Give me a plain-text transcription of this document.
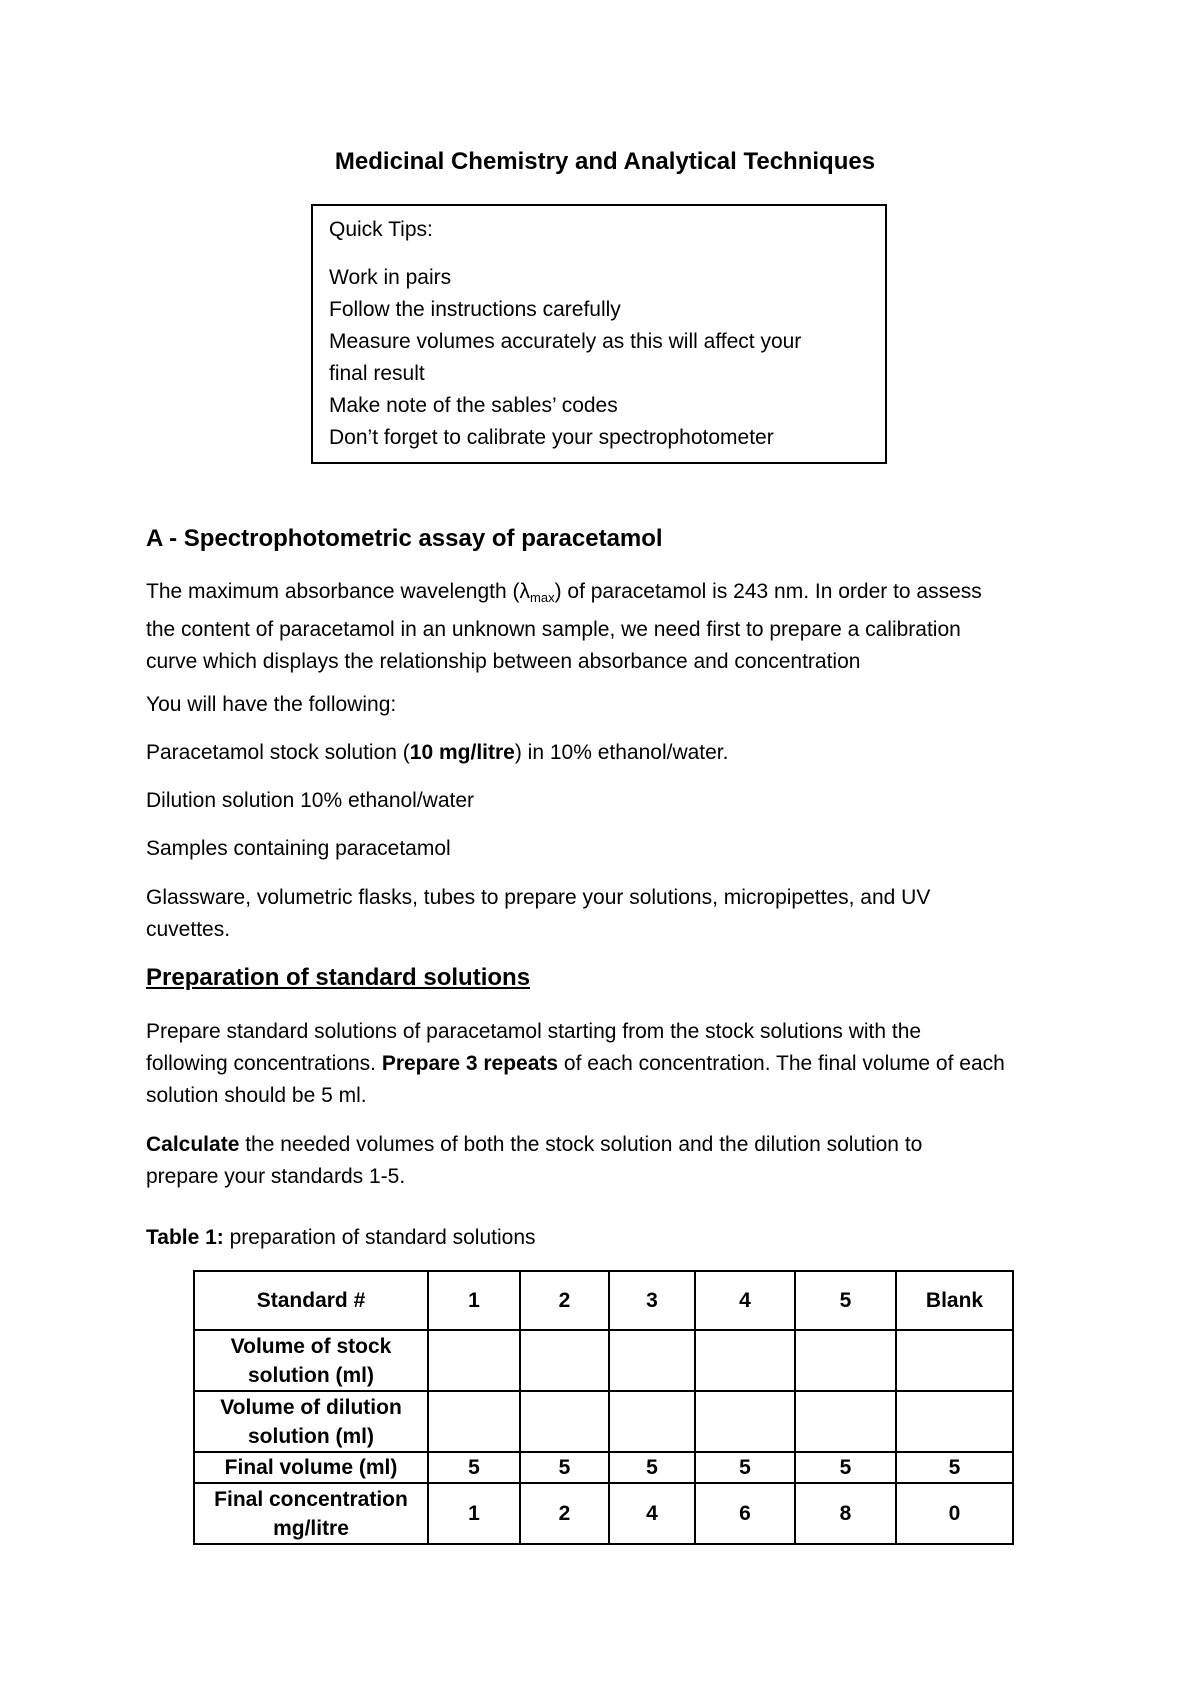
Medicinal Chemistry and Analytical Techniques
Quick Tips:
Work in pairs
Follow the instructions carefully
Measure volumes accurately as this will affect your
final result
Make note of the sables’ codes
Don’t forget to calibrate your spectrophotometer
A - Spectrophotometric assay of paracetamol
The maximum absorbance wavelength $(\lambda_{max})$ of paracetamol is 243 nm. In order to assess
the content of paracetamol in an unknown sample, we need first to prepare a calibration
curve which displays the relationship between absorbance and concentration
You will have the following:
Paracetamol stock solution (10 mg/litre) in 10% ethanol/water.
Dilution solution 10% ethanol/water
Samples containing paracetamol
Glassware, volumetric flasks, tubes to prepare your solutions, micropipettes, and UV
cuvettes.
Preparation of standard solutions
Prepare standard solutions of paracetamol starting from the stock solutions with the
following concentrations. Prepare 3 repeats of each concentration. The final volume of each
solution should be 5 ml.
Calculate the needed volumes of both the stock solution and the dilution solution to
prepare your standards 1-5.
Table 1: preparation of standard solutions
Standard #	1	2	3	4	5	Blank
Volume of stock solution (ml)						
Volume of dilution solution (ml)						
Final volume (ml)	5	5	5	5	5	5
Final concentration mg/litre	1	2	4	6	8	0
